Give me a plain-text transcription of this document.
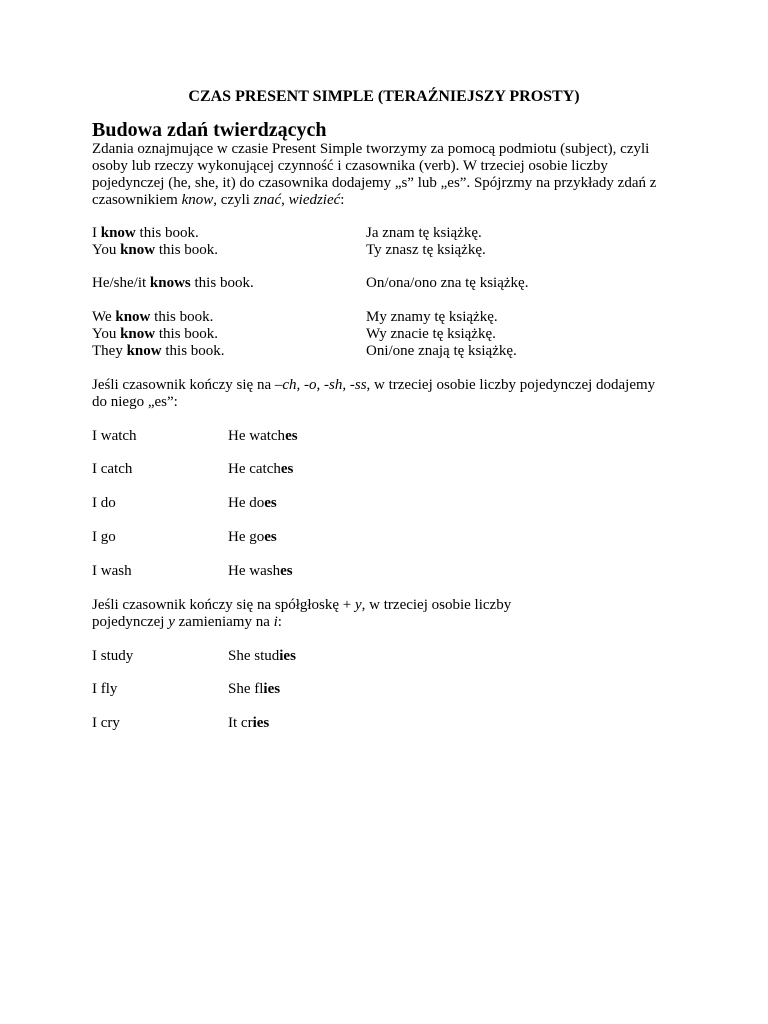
CZAS PRESENT SIMPLE (TERAŹNIEJSZY PROSTY)
Budowa zdań twierdzących

Zdania oznajmujące w czasie Present Simple tworzymy za pomocą podmiotu (subject), czyli
osoby lub rzeczy wykonującej czynność i czasownika (verb). W trzeciej osobie liczby
pojedynczej (he, she, it) do czasownika dodajemy „s” lub „es”. Spójrzmy na przykłady zdań z
czasownikiem know, czyli znać, wiedzieć:

I know this book.	Ja znam tę książkę.
You know this book.	Ty znasz tę książkę.
He/she/it knows this book.	On/ona/ono zna tę książkę.
We know this book.	My znamy tę książkę.
You know this book.	Wy znacie tę książkę.
They know this book.	Oni/one znają tę książkę.

Jeśli czasownik kończy się na –ch, -o, -sh, -ss, w trzeciej osobie liczby pojedynczej dodajemy
do niego „es”:

I watch	He watches
I catch	He catches
I do	He does
I go	He goes
I wash	He washes

Jeśli czasownik kończy się na spółgłoskę + y, w trzeciej osobie liczby
pojedynczej y zamieniamy na i:

I study	She studies
I fly	She flies
I cry	It cries
